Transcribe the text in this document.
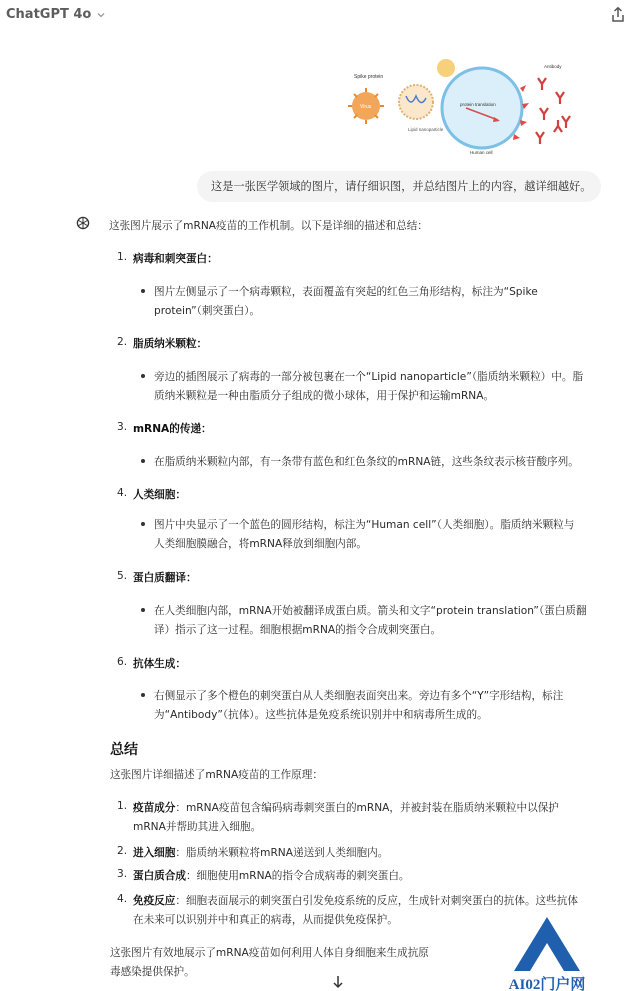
ChatGPT 4o
Virus
Spike protein
Lipid nanoparticle
protein translation
Human cell
Antibody
这是一张医学领域的图片，请仔细识图，并总结图片上的内容，越详细越好。
这张图片展示了mRNA疫苗的工作机制。以下是详细的描述和总结：
1. 病毒和刺突蛋白：
图片左侧显示了一个病毒颗粒，表面覆盖有突起的红色三角形结构，标注为“Spike
protein”（刺突蛋白）。
2. 脂质纳米颗粒：
旁边的插图展示了病毒的一部分被包裹在一个“Lipid nanoparticle”（脂质纳米颗粒）中。脂
质纳米颗粒是一种由脂质分子组成的微小球体，用于保护和运输mRNA。
3. mRNA的传递：
在脂质纳米颗粒内部，有一条带有蓝色和红色条纹的mRNA链，这些条纹表示核苷酸序列。
4. 人类细胞：
图片中央显示了一个蓝色的圆形结构，标注为“Human cell”（人类细胞）。脂质纳米颗粒与
人类细胞膜融合，将mRNA释放到细胞内部。
5. 蛋白质翻译：
在人类细胞内部，mRNA开始被翻译成蛋白质。箭头和文字“protein translation”（蛋白质翻
译）指示了这一过程。细胞根据mRNA的指令合成刺突蛋白。
6. 抗体生成：
右侧显示了多个橙色的刺突蛋白从人类细胞表面突出来。旁边有多个“Y”字形结构，标注
为“Antibody”（抗体）。这些抗体是免疫系统识别并中和病毒所生成的。
总结
这张图片详细描述了mRNA疫苗的工作原理：
1. 疫苗成分：mRNA疫苗包含编码病毒刺突蛋白的mRNA，并被封装在脂质纳米颗粒中以保护
mRNA并帮助其进入细胞。
2. 进入细胞：脂质纳米颗粒将mRNA递送到人类细胞内。
3. 蛋白质合成：细胞使用mRNA的指令合成病毒的刺突蛋白。
4. 免疫反应：细胞表面展示的刺突蛋白引发免疫系统的反应，生成针对刺突蛋白的抗体。这些抗体
在未来可以识别并中和真正的病毒，从而提供免疫保护。
这张图片有效地展示了mRNA疫苗如何利用人体自身细胞来生成抗原
毒感染提供保护。
AI02门户网
